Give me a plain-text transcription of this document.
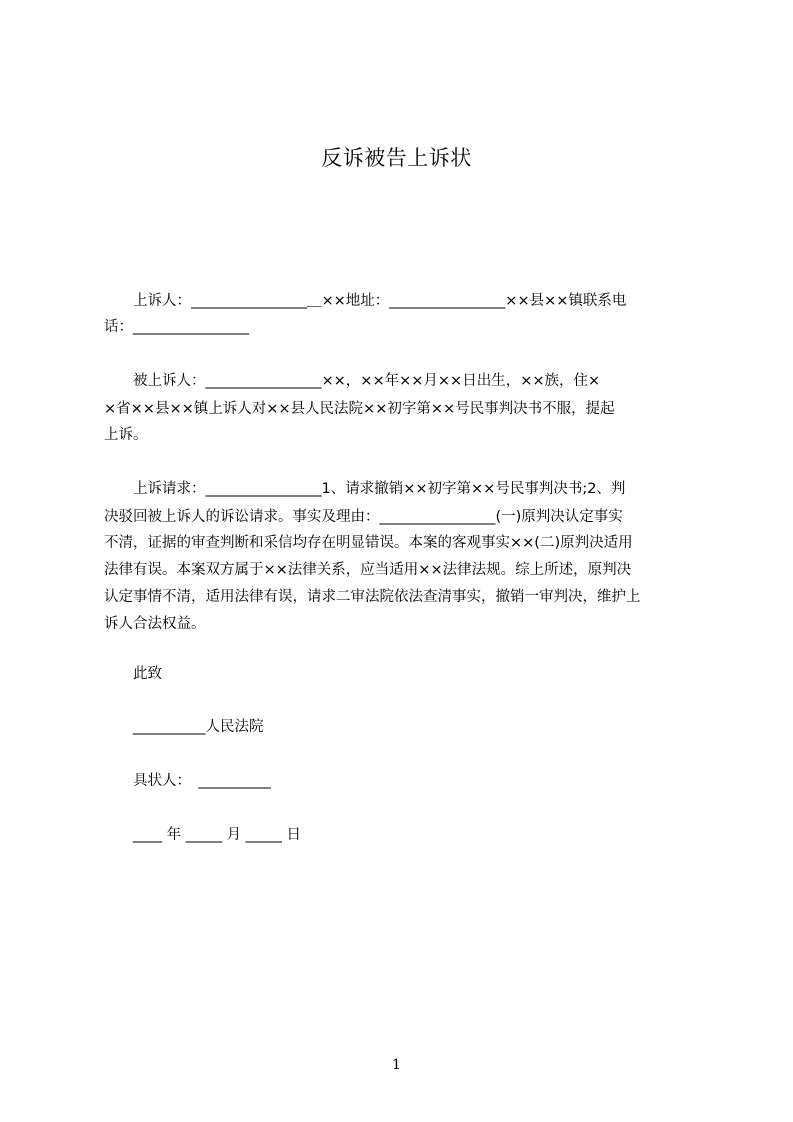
反诉被告上诉状
　　上诉人：________________＿××地址：________________××县××镇联系电
话：________________
　　被上诉人：________________××，××年××月××日出生，××族，住×
×省××县××镇上诉人对××县人民法院××初字第××号民事判决书不服，提起
上诉。
　　上诉请求：________________1、请求撤销××初字第××号民事判决书;2、判
决驳回被上诉人的诉讼请求。事实及理由：________________(一)原判决认定事实
不清，证据的审查判断和采信均存在明显错误。本案的客观事实××(二)原判决适用
法律有误。本案双方属于××法律关系，应当适用××法律法规。综上所述，原判决
认定事情不清，适用法律有误，请求二审法院依法查清事实，撤销一审判决，维护上
诉人合法权益。
　　此致
　　__________人民法院
　　具状人：　__________
　　____ 年 _____ 月 _____ 日
1
